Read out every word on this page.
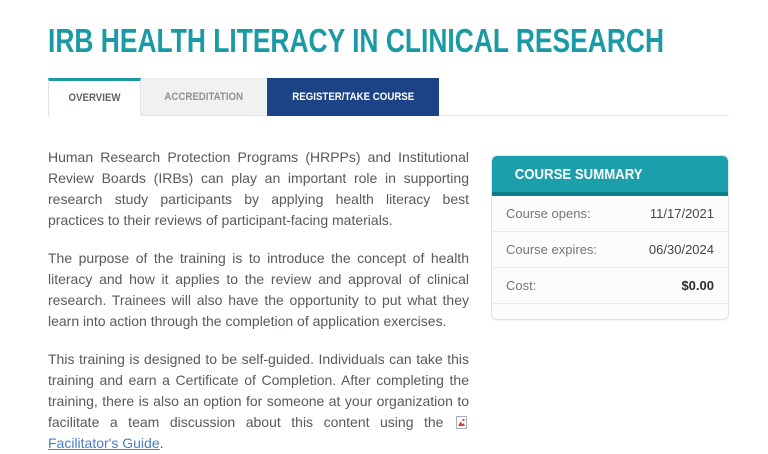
IRB HEALTH LITERACY IN CLINICAL RESEARCH
OVERVIEW	ACCREDITATION	REGISTER/TAKE COURSE

Human Research Protection Programs (HRPPs) and Institutional Review Boards (IRBs) can play an important role in supporting research study participants by applying health literacy best practices to their reviews of participant-facing materials.

The purpose of the training is to introduce the concept of health literacy and how it applies to the review and approval of clinical research. Trainees will also have the opportunity to put what they learn into action through the completion of application exercises.

This training is designed to be self-guided. Individuals can take this training and earn a Certificate of Completion. After completing the training, there is also an option for someone at your organization to facilitate a team discussion about this content using the Facilitator's Guide.

COURSE SUMMARY
Course opens:	11/17/2021
Course expires:	06/30/2024
Cost:	$0.00
